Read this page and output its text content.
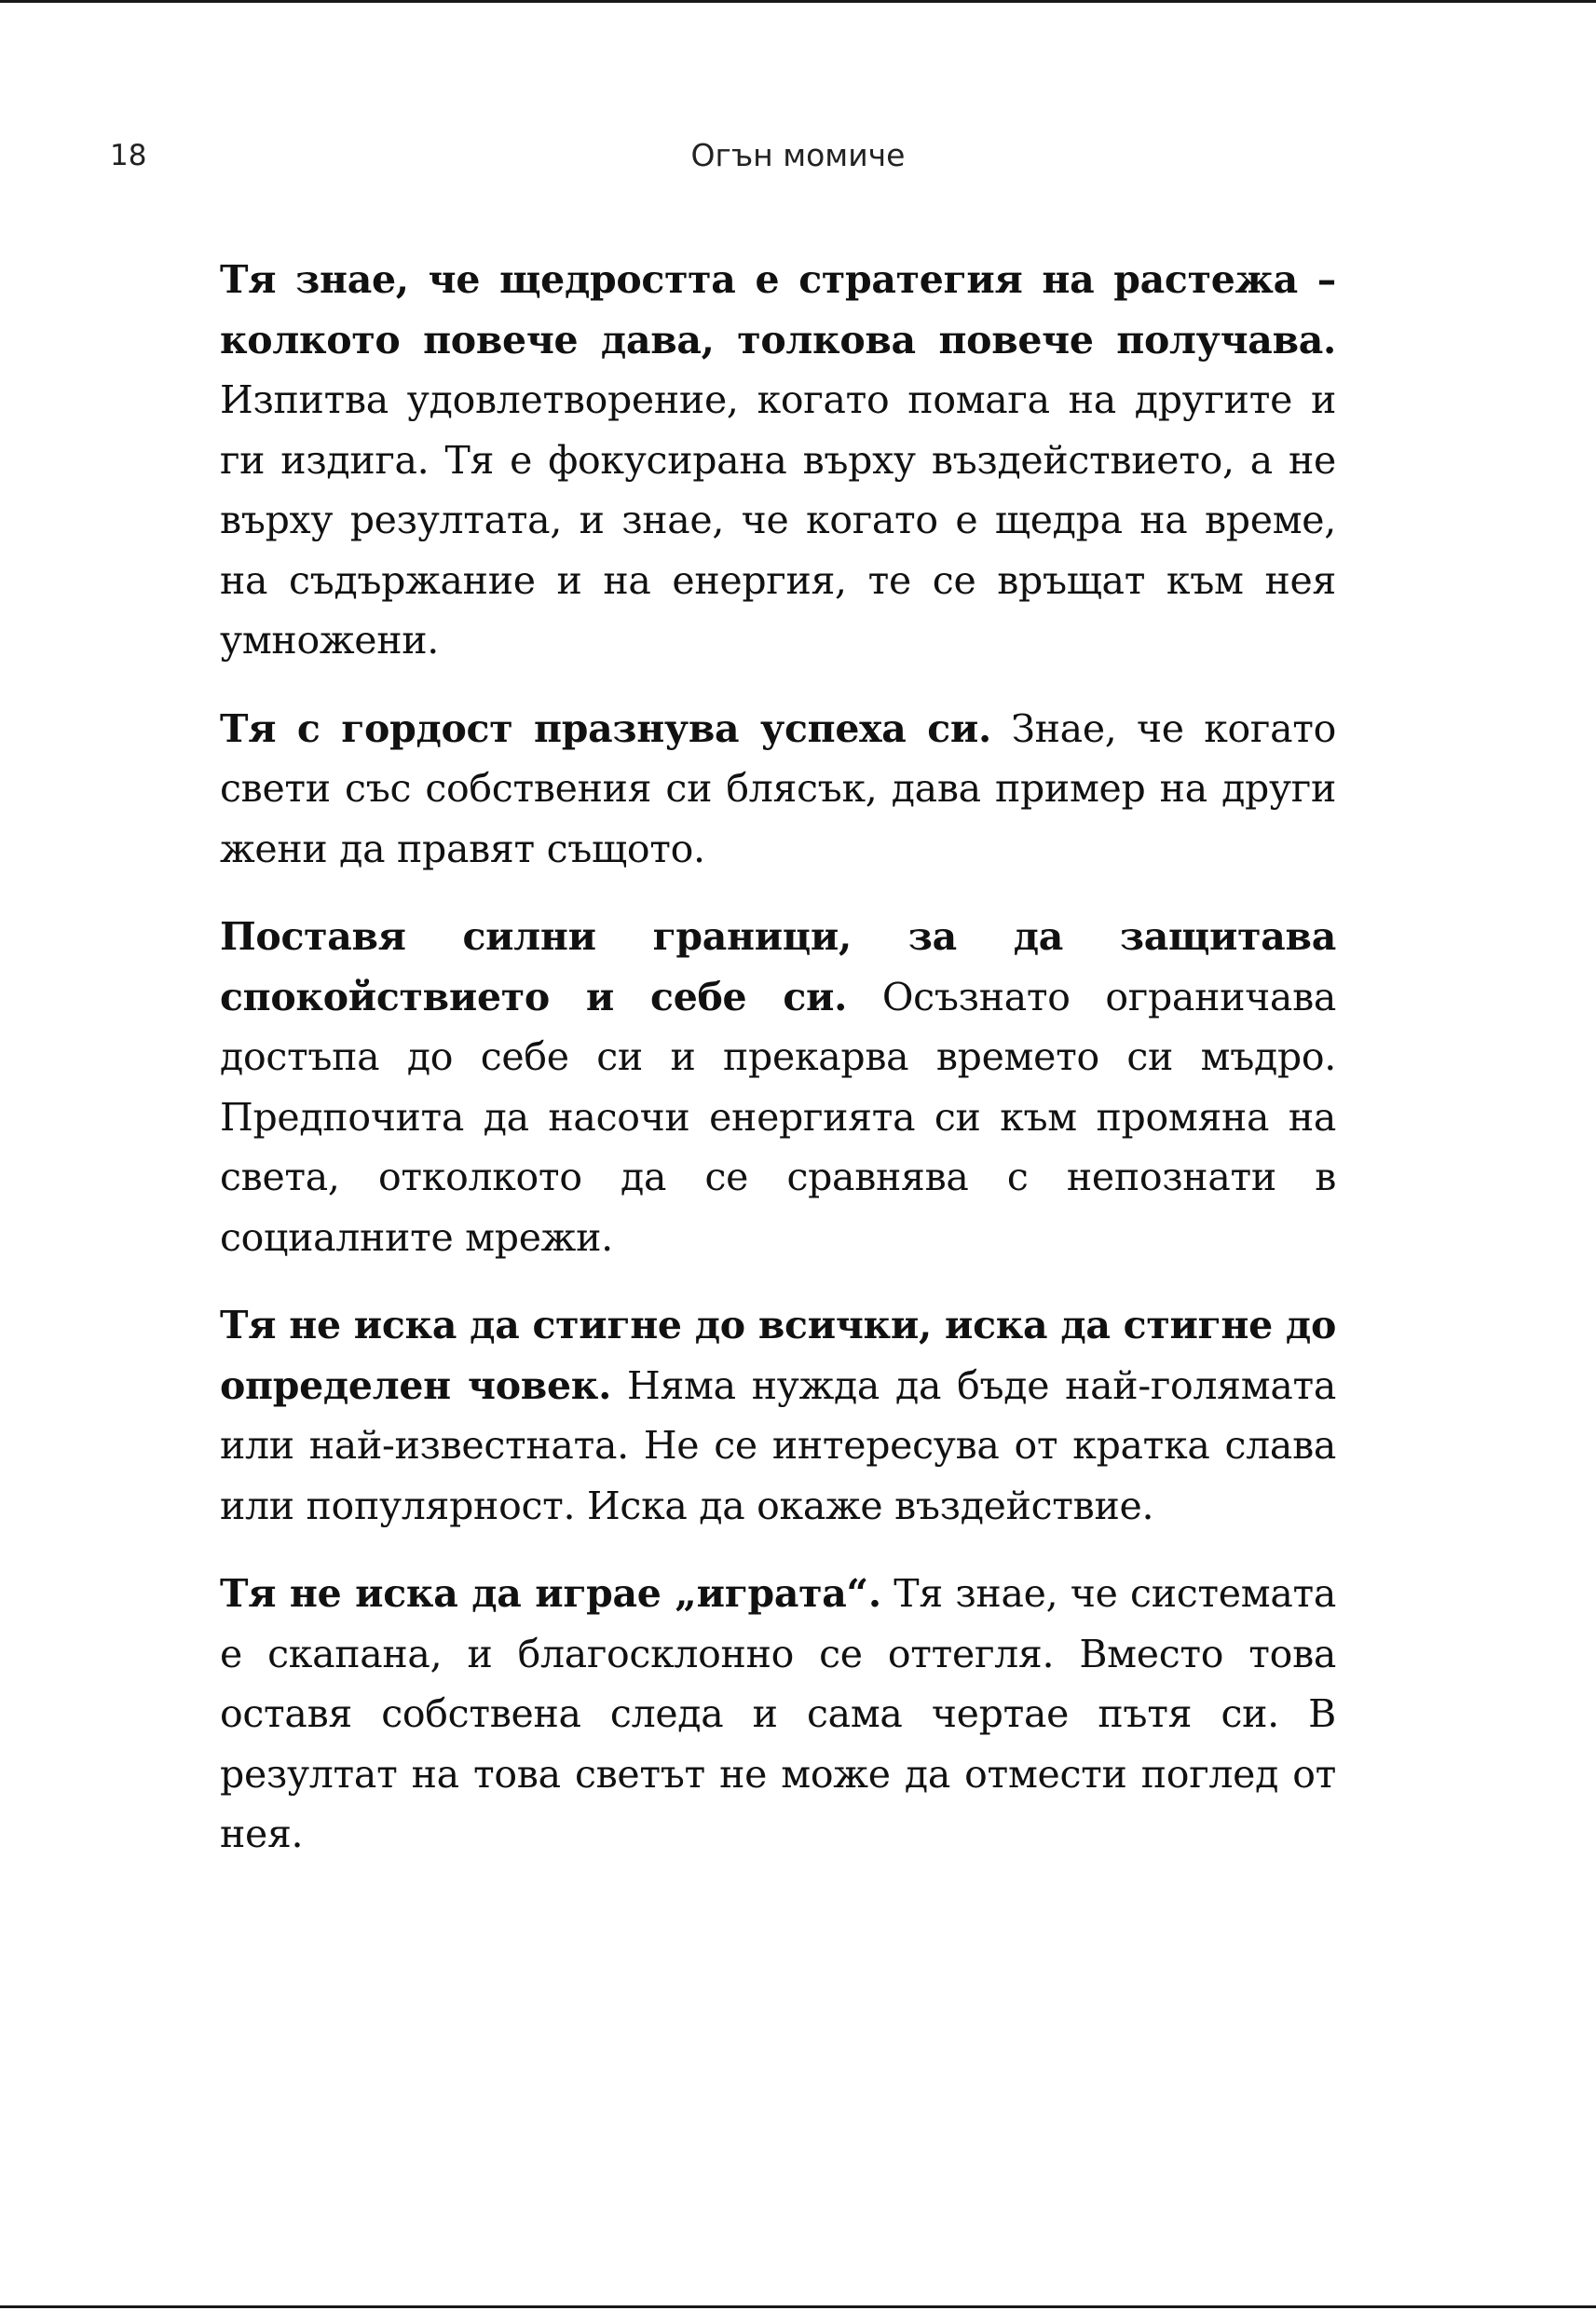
18	Огън момиче

Тя знае, че щедростта е стратегия на растежа – колкото повече дава, толкова повече получава. Изпитва удовлетворение, когато помага на другите и ги издига. Тя е фокусирана върху въздействието, а не върху резултата, и знае, че когато е щедра на време, на съдържание и на енергия, те се връщат към нея умножени.

Тя с гордост празнува успеха си. Знае, че когато свети със собствения си блясък, дава пример на други жени да правят същото.

Поставя силни граници, за да защитава спокойствието и себе си. Осъзнато ограничава достъпа до себе си и прекарва времето си мъдро. Предпочита да насочи енергията си към промяна на света, отколкото да се сравнява с непознати в социалните мрежи.

Тя не иска да стигне до всички, иска да стигне до определен човек. Няма нужда да бъде най-голямата или най-известната. Не се интересува от кратка слава или популярност. Иска да окаже въздействие.

Тя не иска да играе „играта“. Тя знае, че системата е скапана, и благосклонно се оттегля. Вместо това оставя собствена следа и сама чертае пътя си. В резултат на това светът не може да отмести поглед от нея.
